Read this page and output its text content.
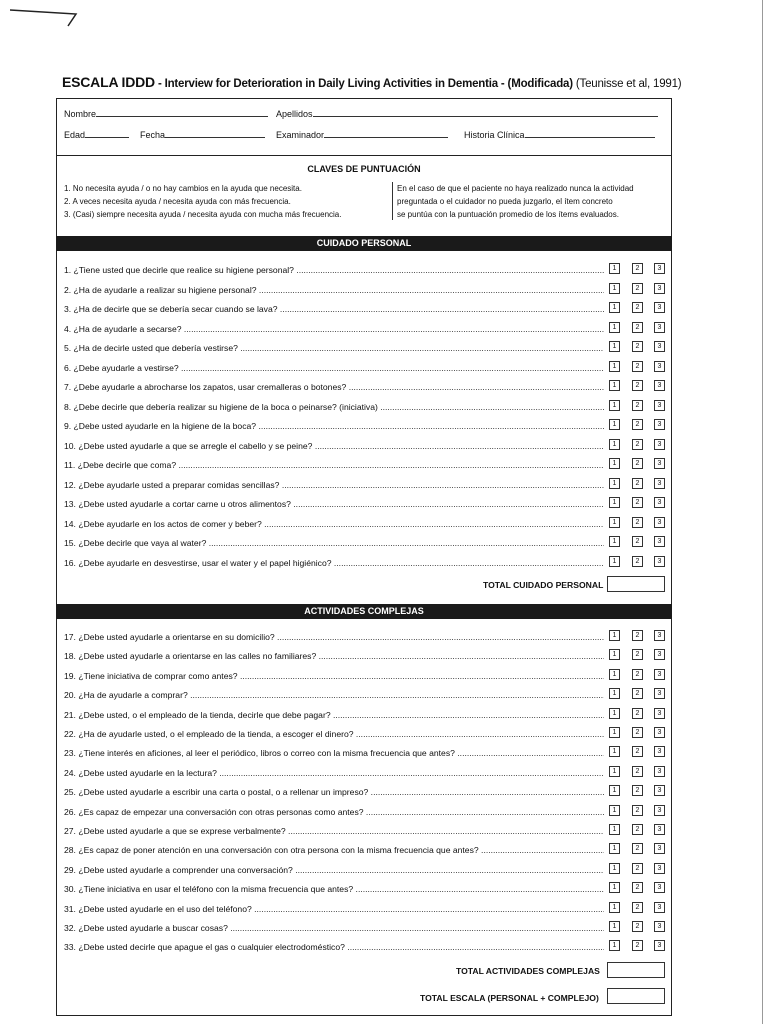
ESCALA IDDD - Interview for Deterioration in Daily Living Activities in Dementia - (Modificada) (Teunisse et al, 1991)
Nombre	Apellidos
Edad	Fecha	Examinador	Historia Clínica
CLAVES DE PUNTUACIÓN
1. No necesita ayuda / o no hay cambios en la ayuda que necesita.
2. A veces necesita ayuda / necesita ayuda con más frecuencia.
3. (Casi) siempre necesita ayuda / necesita ayuda con mucha más frecuencia.
En el caso de que el paciente no haya realizado nunca la actividad
preguntada o el cuidador no pueda juzgarlo, el ítem concreto
se puntúa con la puntuación promedio de los ítems evaluados.
CUIDADO PERSONAL
1. ¿Tiene usted que decirle que realice su higiene personal? .....	1	2	3
2. ¿Ha de ayudarle a realizar su higiene personal? .....	1	2	3
3. ¿Ha de decirle que se debería secar cuando se lava? .....	1	2	3
4. ¿Ha de ayudarle a secarse? .....	1	2	3
5. ¿Ha de decirle usted que debería vestirse? .....	1	2	3
6. ¿Debe ayudarle a vestirse? .....	1	2	3
7. ¿Debe ayudarle a abrocharse los zapatos, usar cremalleras o botones? .....	1	2	3
8. ¿Debe decirle que debería realizar su higiene de la boca o peinarse? (iniciativa) .....	1	2	3
9. ¿Debe usted ayudarle en la higiene de la boca? .....	1	2	3
10. ¿Debe usted ayudarle a que se arregle el cabello y se peine? .....	1	2	3
11. ¿Debe decirle que coma? .....	1	2	3
12. ¿Debe ayudarle usted a preparar comidas sencillas? .....	1	2	3
13. ¿Debe usted ayudarle a cortar carne u otros alimentos? .....	1	2	3
14. ¿Debe ayudarle en los actos de comer y beber? .....	1	2	3
15. ¿Debe decirle que vaya al water? .....	1	2	3
16. ¿Debe ayudarle en desvestirse, usar el water y el papel higiénico? .....	1	2	3
TOTAL CUIDADO PERSONAL
ACTIVIDADES COMPLEJAS
17. ¿Debe usted ayudarle a orientarse en su domicilio? .....	1	2	3
18. ¿Debe usted ayudarle a orientarse en las calles no familiares? .....	1	2	3
19. ¿Tiene iniciativa de comprar como antes? .....	1	2	3
20. ¿Ha de ayudarle a comprar? .....	1	2	3
21. ¿Debe usted, o el empleado de la tienda, decirle que debe pagar? .....	1	2	3
22. ¿Ha de ayudarle usted, o el empleado de la tienda, a escoger el dinero? .....	1	2	3
23. ¿Tiene interés en aficiones, al leer el periódico, libros o correo con la misma frecuencia que antes? .....	1	2	3
24. ¿Debe usted ayudarle en la lectura? .....	1	2	3
25. ¿Debe usted ayudarle a escribir una carta o postal, o a rellenar un impreso? .....	1	2	3
26. ¿Es capaz de empezar una conversación con otras personas como antes? .....	1	2	3
27. ¿Debe usted ayudarle a que se exprese verbalmente? .....	1	2	3
28. ¿Es capaz de poner atención en una conversación con otra persona con la misma frecuencia que antes? .....	1	2	3
29. ¿Debe usted ayudarle a comprender una conversación? .....	1	2	3
30. ¿Tiene iniciativa en usar el teléfono con la misma frecuencia que antes? .....	1	2	3
31. ¿Debe usted ayudarle en el uso del teléfono? .....	1	2	3
32. ¿Debe usted ayudarle a buscar cosas? .....	1	2	3
33. ¿Debe usted decirle que apague el gas o cualquier electrodoméstico? .....	1	2	3
TOTAL ACTIVIDADES COMPLEJAS
TOTAL ESCALA (PERSONAL + COMPLEJO)
